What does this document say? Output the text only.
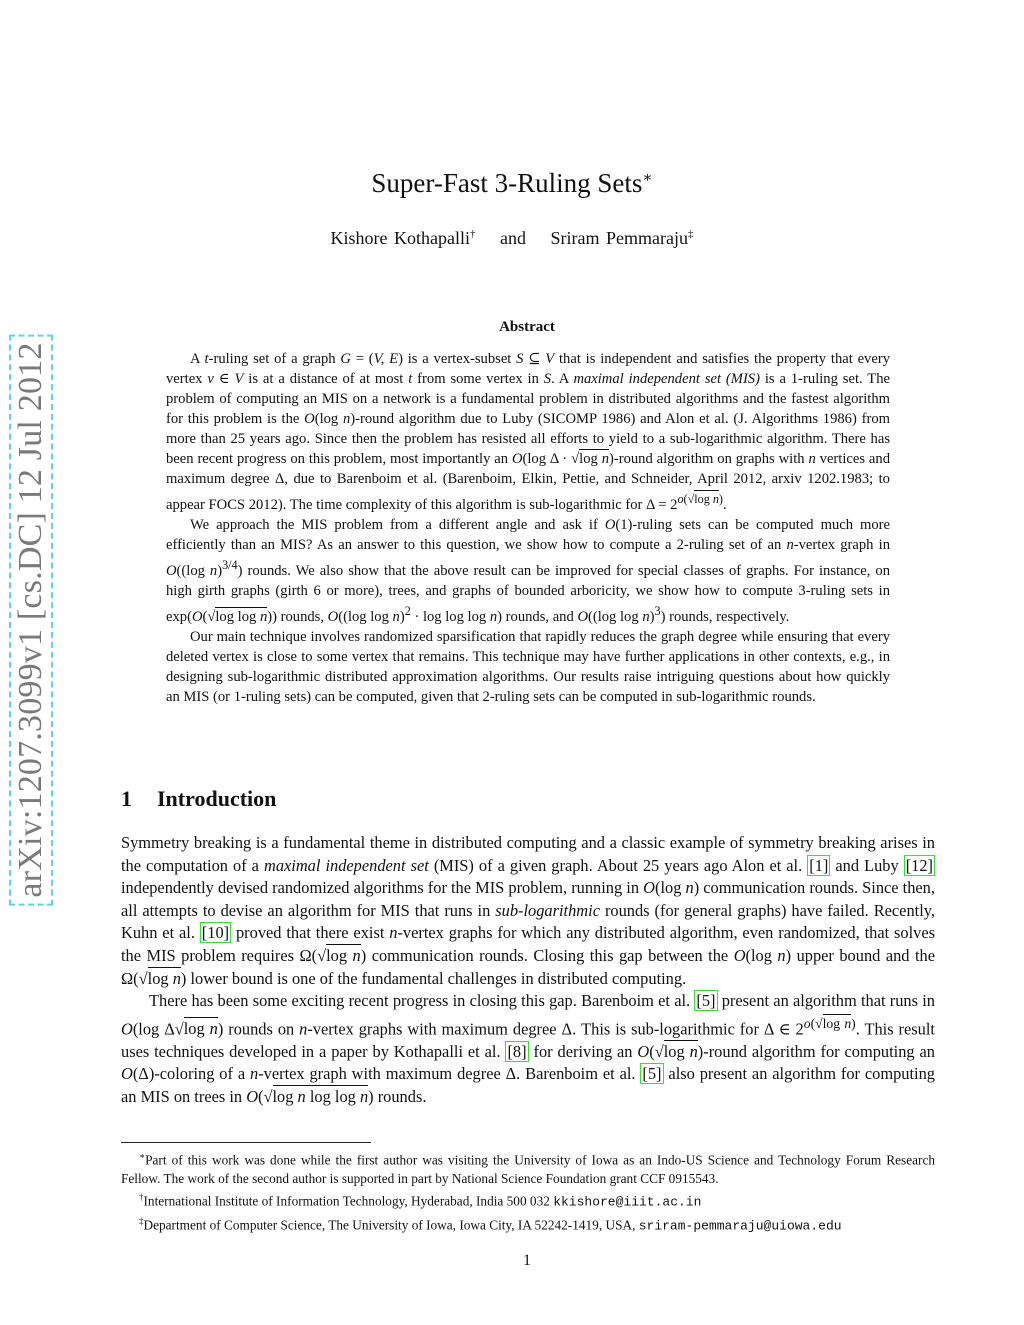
arXiv:1207.3099v1 [cs.DC] 12 Jul 2012
Super-Fast 3-Ruling Sets∗
Kishore Kothapalli† and Sriram Pemmaraju‡
Abstract

A t-ruling set of a graph G = (V, E) is a vertex-subset S ⊆ V that is independent and satisfies the property that every vertex v ∈ V is at a distance of at most t from some vertex in S. A maximal independent set (MIS) is a 1-ruling set. The problem of computing an MIS on a network is a fundamental problem in distributed algorithms and the fastest algorithm for this problem is the O(log n)-round algorithm due to Luby (SICOMP 1986) and Alon et al. (J. Algorithms 1986) from more than 25 years ago. Since then the problem has resisted all efforts to yield to a sub-logarithmic algorithm. There has been recent progress on this problem, most importantly an O(log Δ · √log n)-round algorithm on graphs with n vertices and maximum degree Δ, due to Barenboim et al. (Barenboim, Elkin, Pettie, and Schneider, April 2012, arxiv 1202.1983; to appear FOCS 2012). The time complexity of this algorithm is sub-logarithmic for $\Delta = 2^{o(√log n)}$.

We approach the MIS problem from a different angle and ask if O(1)-ruling sets can be computed much more efficiently than an MIS? As an answer to this question, we show how to compute a 2-ruling set of an n-vertex graph in O((log n)$^{3/4}$) rounds. We also show that the above result can be improved for special classes of graphs. For instance, on high girth graphs (girth 6 or more), trees, and graphs of bounded arboricity, we show how to compute 3-ruling sets in exp(O(√log log n)) rounds, O((log log n)$^2$ · log log log n) rounds, and O((log log n)$^3$) rounds, respectively.

Our main technique involves randomized sparsification that rapidly reduces the graph degree while ensuring that every deleted vertex is close to some vertex that remains. This technique may have further applications in other contexts, e.g., in designing sub-logarithmic distributed approximation algorithms. Our results raise intriguing questions about how quickly an MIS (or 1-ruling sets) can be computed, given that 2-ruling sets can be computed in sub-logarithmic rounds.

1 Introduction

Symmetry breaking is a fundamental theme in distributed computing and a classic example of symmetry breaking arises in the computation of a maximal independent set (MIS) of a given graph. About 25 years ago Alon et al. [1] and Luby [12] independently devised randomized algorithms for the MIS problem, running in O(log n) communication rounds. Since then, all attempts to devise an algorithm for MIS that runs in sub-logarithmic rounds (for general graphs) have failed. Recently, Kuhn et al. [10] proved that there exist n-vertex graphs for which any distributed algorithm, even randomized, that solves the MIS problem requires Ω(√log n) communication rounds. Closing this gap between the O(log n) upper bound and the Ω(√log n) lower bound is one of the fundamental challenges in distributed computing.

There has been some exciting recent progress in closing this gap. Barenboim et al. [5] present an algorithm that runs in O(log Δ√log n) rounds on n-vertex graphs with maximum degree Δ. This is sub-logarithmic for Δ ∈ $2^{o(√log n)}$. This result uses techniques developed in a paper by Kothapalli et al. [8] for deriving an O(√log n)-round algorithm for computing an O(Δ)-coloring of a n-vertex graph with maximum degree Δ. Barenboim et al. [5] also present an algorithm for computing an MIS on trees in O(√log n log log n) rounds.

∗Part of this work was done while the first author was visiting the University of Iowa as an Indo-US Science and Technology Forum Research Fellow. The work of the second author is supported in part by National Science Foundation grant CCF 0915543.

†International Institute of Information Technology, Hyderabad, India 500 032 kkishore@iiit.ac.in

‡Department of Computer Science, The University of Iowa, Iowa City, IA 52242-1419, USA, sriram-pemmaraju@uiowa.edu

1
